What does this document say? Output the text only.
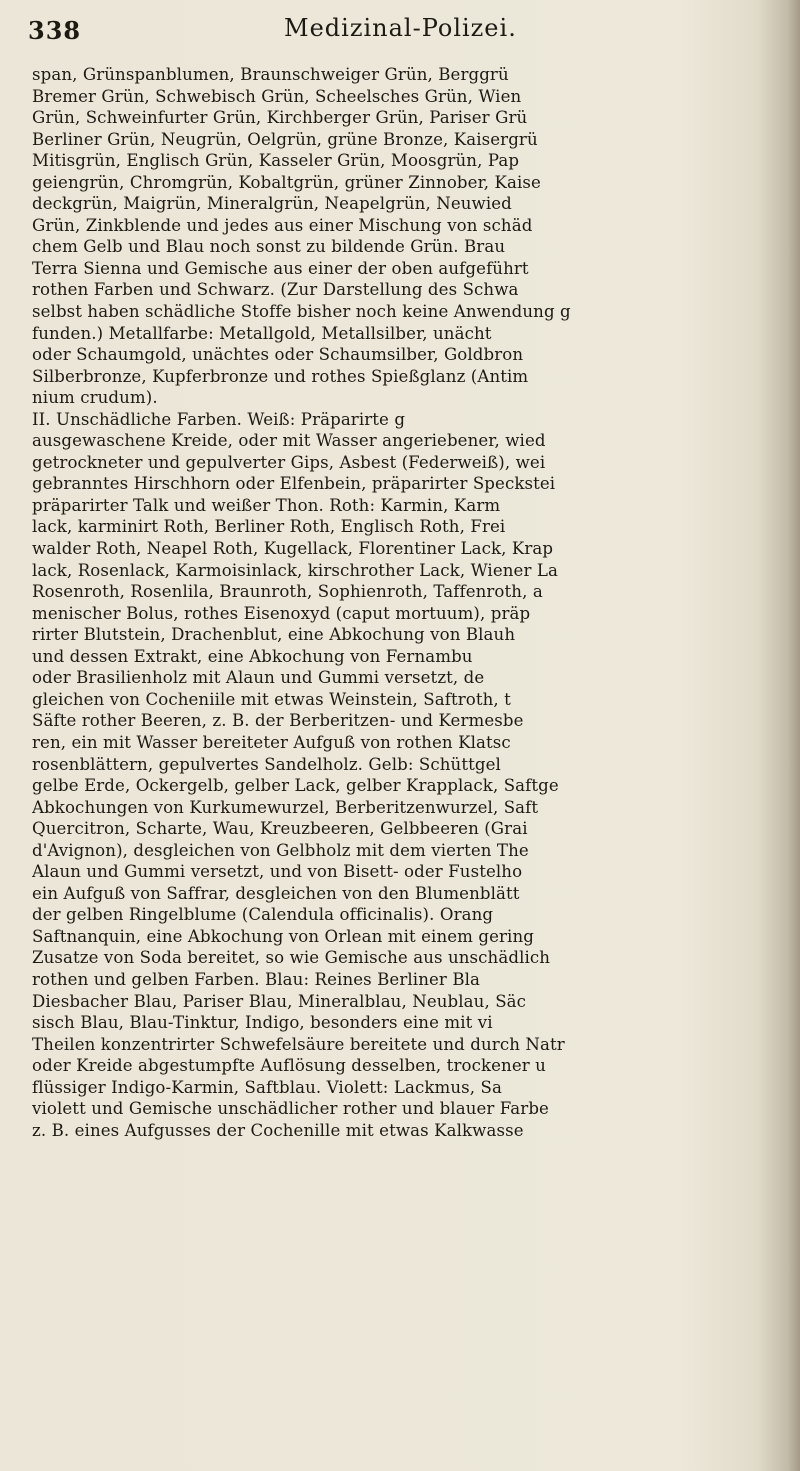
338	Medizinal-Polizei.
span, Grünspanblumen, Braunschweiger Grün, Berggrü
Bremer Grün, Schwebisch Grün, Scheelsches Grün, Wien
Grün, Schweinfurter Grün, Kirchberger Grün, Pariser Grü
Berliner Grün, Neugrün, Oelgrün, grüne Bronze, Kaisergrü
Mitisgrün, Englisch Grün, Kasseler Grün, Moosgrün, Pap
geiengrün, Chromgrün, Kobaltgrün, grüner Zinnober, Kaise
deckgrün, Maigrün, Mineralgrün, Neapelgrün, Neuwied
Grün, Zinkblende und jedes aus einer Mischung von schäd
chem Gelb und Blau noch sonst zu bildende Grün. Brau
Terra Sienna und Gemische aus einer der oben aufgeführt
rothen Farben und Schwarz. (Zur Darstellung des Schwa
selbst haben schädliche Stoffe bisher noch keine Anwendung g
funden.) Metallfarbe: Metallgold, Metallsilber, unächt
oder Schaumgold, unächtes oder Schaumsilber, Goldbron
Silberbronze, Kupferbronze und rothes Spießglanz (Antim
nium crudum).
II. Unschädliche Farben. Weiß: Präparirte g
ausgewaschene Kreide, oder mit Wasser angeriebener, wied
getrockneter und gepulverter Gips, Asbest (Federweiß), wei
gebranntes Hirschhorn oder Elfenbein, präparirter Speckstei
präparirter Talk und weißer Thon. Roth: Karmin, Karm
lack, karminirt Roth, Berliner Roth, Englisch Roth, Frei
walder Roth, Neapel Roth, Kugellack, Florentiner Lack, Krap
lack, Rosenlack, Karmoisinlack, kirschrother Lack, Wiener La
Rosenroth, Rosenlila, Braunroth, Sophienroth, Taffenroth, a
menischer Bolus, rothes Eisenoxyd (caput mortuum), präp
rirter Blutstein, Drachenblut, eine Abkochung von Blauh
und dessen Extrakt, eine Abkochung von Fernambu
oder Brasilienholz mit Alaun und Gummi versetzt, de
gleichen von Cocheniile mit etwas Weinstein, Saftroth, t
Säfte rother Beeren, z. B. der Berberitzen- und Kermesbe
ren, ein mit Wasser bereiteter Aufguß von rothen Klatsc
rosenblättern, gepulvertes Sandelholz. Gelb: Schüttgel
gelbe Erde, Ockergelb, gelber Lack, gelber Krapplack, Saftge
Abkochungen von Kurkumewurzel, Berberitzenwurzel, Saft
Quercitron, Scharte, Wau, Kreuzbeeren, Gelbbeeren (Grai
d'Avignon), desgleichen von Gelbholz mit dem vierten The
Alaun und Gummi versetzt, und von Bisett- oder Fustelho
ein Aufguß von Saffrar, desgleichen von den Blumenblätt
der gelben Ringelblume (Calendula officinalis). Orang
Saftnanquin, eine Abkochung von Orlean mit einem gering
Zusatze von Soda bereitet, so wie Gemische aus unschädlich
rothen und gelben Farben. Blau: Reines Berliner Bla
Diesbacher Blau, Pariser Blau, Mineralblau, Neublau, Säc
sisch Blau, Blau-Tinktur, Indigo, besonders eine mit vi
Theilen konzentrirter Schwefelsäure bereitete und durch Natr
oder Kreide abgestumpfte Auflösung desselben, trockener u
flüssiger Indigo-Karmin, Saftblau. Violett: Lackmus, Sa
violett und Gemische unschädlicher rother und blauer Farbe
z. B. eines Aufgusses der Cochenille mit etwas Kalkwasse
